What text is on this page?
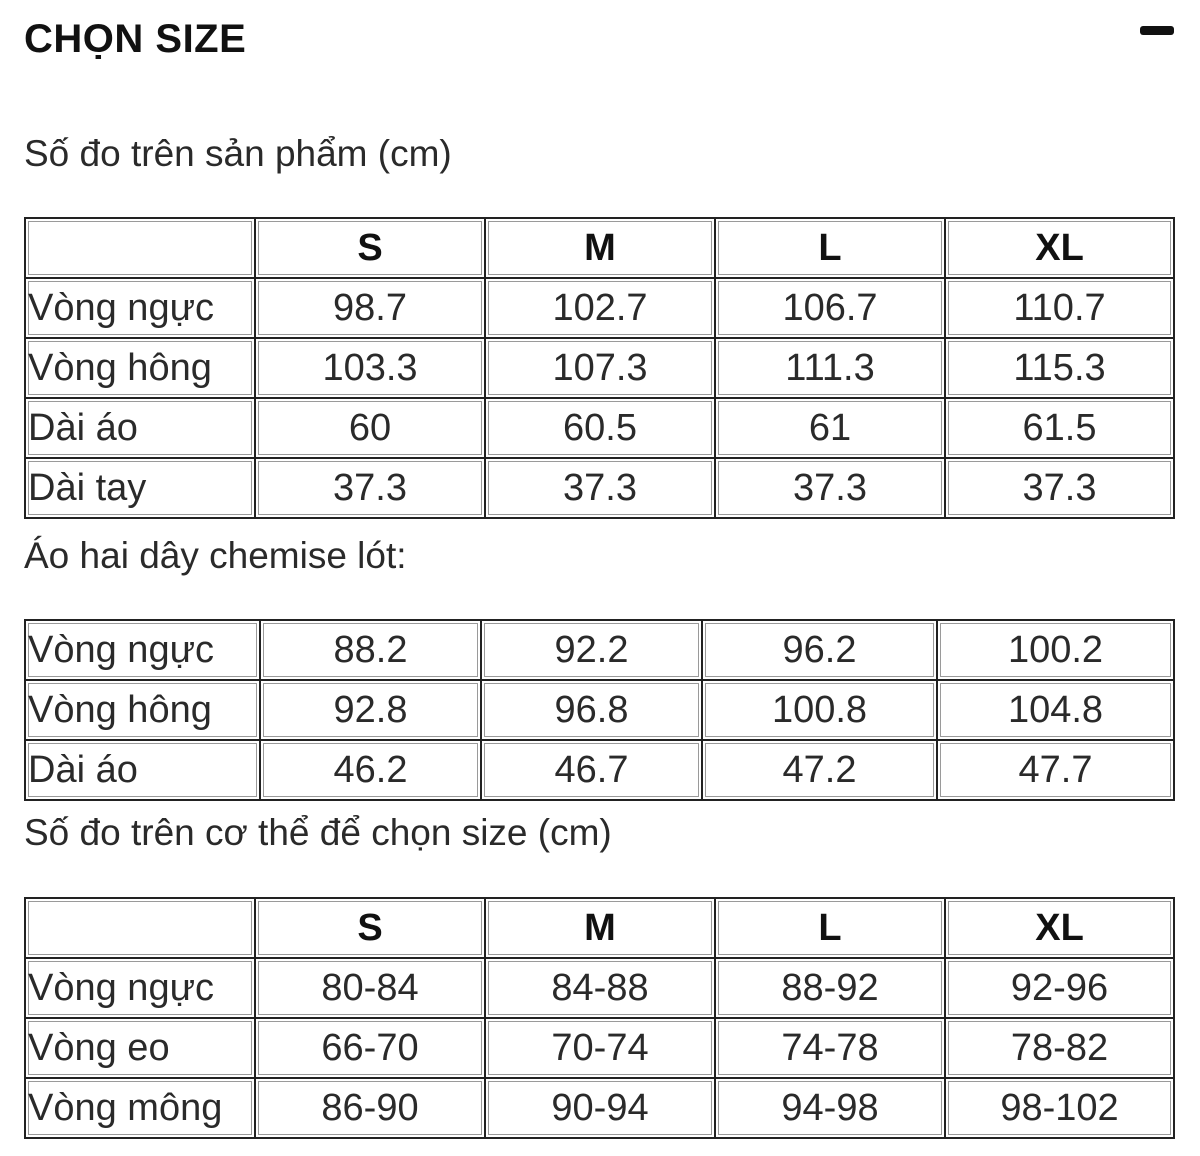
CHỌN SIZE
Số đo trên sản phẩm (cm)
	S	M	L	XL
Vòng ngực	98.7	102.7	106.7	110.7
Vòng hông	103.3	107.3	111.3	115.3
Dài áo	60	60.5	61	61.5
Dài tay	37.3	37.3	37.3	37.3
Áo hai dây chemise lót:
Vòng ngực	88.2	92.2	96.2	100.2
Vòng hông	92.8	96.8	100.8	104.8
Dài áo	46.2	46.7	47.2	47.7
Số đo trên cơ thể để chọn size (cm)
	S	M	L	XL
Vòng ngực	80-84	84-88	88-92	92-96
Vòng eo	66-70	70-74	74-78	78-82
Vòng mông	86-90	90-94	94-98	98-102
